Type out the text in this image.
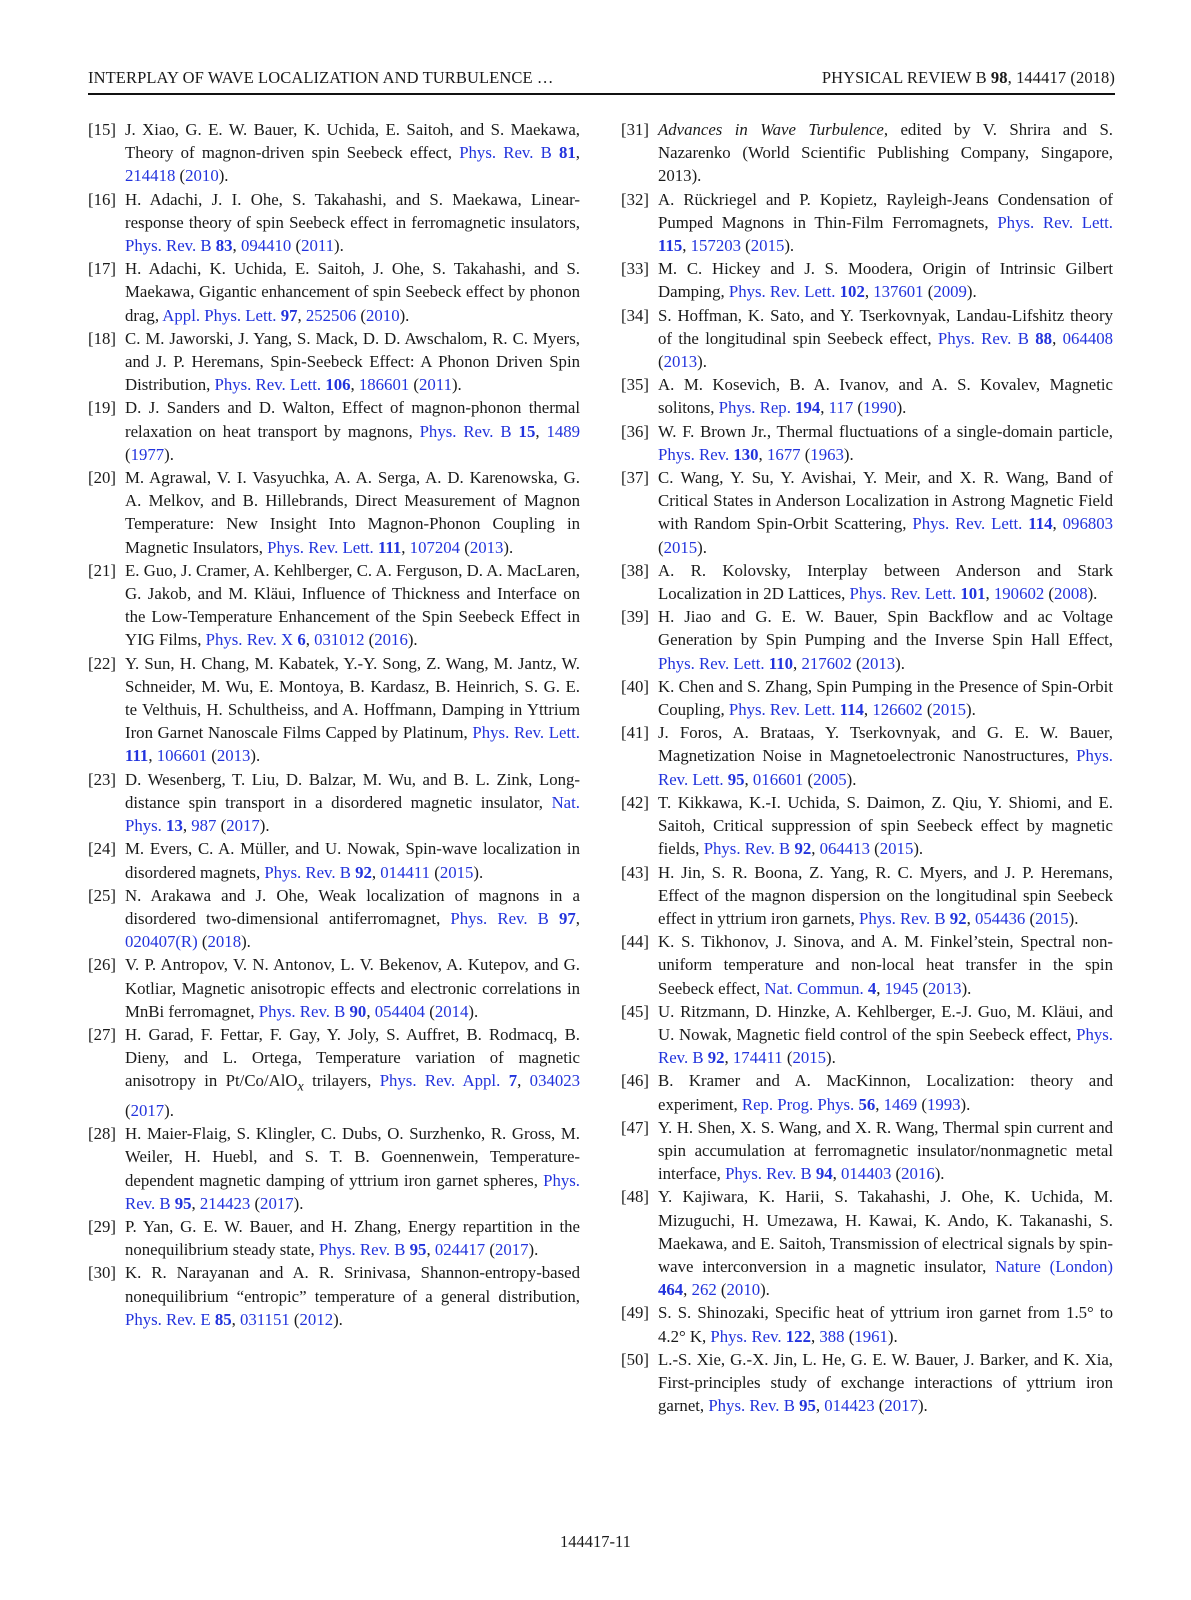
INTERPLAY OF WAVE LOCALIZATION AND TURBULENCE …	PHYSICAL REVIEW B 98, 144417 (2018)
[15] J. Xiao, G. E. W. Bauer, K. Uchida, E. Saitoh, and S. Maekawa, Theory of magnon-driven spin Seebeck effect, Phys. Rev. B 81, 214418 (2010).
[16] H. Adachi, J. I. Ohe, S. Takahashi, and S. Maekawa, Linear-response theory of spin Seebeck effect in ferromagnetic insulators, Phys. Rev. B 83, 094410 (2011).
[17] H. Adachi, K. Uchida, E. Saitoh, J. Ohe, S. Takahashi, and S. Maekawa, Gigantic enhancement of spin Seebeck effect by phonon drag, Appl. Phys. Lett. 97, 252506 (2010).
[18] C. M. Jaworski, J. Yang, S. Mack, D. D. Awschalom, R. C. Myers, and J. P. Heremans, Spin-Seebeck Effect: A Phonon Driven Spin Distribution, Phys. Rev. Lett. 106, 186601 (2011).
[19] D. J. Sanders and D. Walton, Effect of magnon-phonon thermal relaxation on heat transport by magnons, Phys. Rev. B 15, 1489 (1977).
[20] M. Agrawal, V. I. Vasyuchka, A. A. Serga, A. D. Karenowska, G. A. Melkov, and B. Hillebrands, Direct Measurement of Magnon Temperature: New Insight Into Magnon-Phonon Coupling in Magnetic Insulators, Phys. Rev. Lett. 111, 107204 (2013).
[21] E. Guo, J. Cramer, A. Kehlberger, C. A. Ferguson, D. A. MacLaren, G. Jakob, and M. Kläui, Influence of Thickness and Interface on the Low-Temperature Enhancement of the Spin Seebeck Effect in YIG Films, Phys. Rev. X 6, 031012 (2016).
[22] Y. Sun, H. Chang, M. Kabatek, Y.-Y. Song, Z. Wang, M. Jantz, W. Schneider, M. Wu, E. Montoya, B. Kardasz, B. Heinrich, S. G. E. te Velthuis, H. Schultheiss, and A. Hoffmann, Damping in Yttrium Iron Garnet Nanoscale Films Capped by Platinum, Phys. Rev. Lett. 111, 106601 (2013).
[23] D. Wesenberg, T. Liu, D. Balzar, M. Wu, and B. L. Zink, Long-distance spin transport in a disordered magnetic insulator, Nat. Phys. 13, 987 (2017).
[24] M. Evers, C. A. Müller, and U. Nowak, Spin-wave localization in disordered magnets, Phys. Rev. B 92, 014411 (2015).
[25] N. Arakawa and J. Ohe, Weak localization of magnons in a disordered two-dimensional antiferromagnet, Phys. Rev. B 97, 020407(R) (2018).
[26] V. P. Antropov, V. N. Antonov, L. V. Bekenov, A. Kutepov, and G. Kotliar, Magnetic anisotropic effects and electronic correlations in MnBi ferromagnet, Phys. Rev. B 90, 054404 (2014).
[27] H. Garad, F. Fettar, F. Gay, Y. Joly, S. Auffret, B. Rodmacq, B. Dieny, and L. Ortega, Temperature variation of magnetic anisotropy in Pt/Co/AlO$_x$ trilayers, Phys. Rev. Appl. 7, 034023 (2017).
[28] H. Maier-Flaig, S. Klingler, C. Dubs, O. Surzhenko, R. Gross, M. Weiler, H. Huebl, and S. T. B. Goennenwein, Temperature-dependent magnetic damping of yttrium iron garnet spheres, Phys. Rev. B 95, 214423 (2017).
[29] P. Yan, G. E. W. Bauer, and H. Zhang, Energy repartition in the nonequilibrium steady state, Phys. Rev. B 95, 024417 (2017).
[30] K. R. Narayanan and A. R. Srinivasa, Shannon-entropy-based nonequilibrium “entropic” temperature of a general distribution, Phys. Rev. E 85, 031151 (2012).
[31] Advances in Wave Turbulence, edited by V. Shrira and S. Nazarenko (World Scientific Publishing Company, Singapore, 2013).
[32] A. Rückriegel and P. Kopietz, Rayleigh-Jeans Condensation of Pumped Magnons in Thin-Film Ferromagnets, Phys. Rev. Lett. 115, 157203 (2015).
[33] M. C. Hickey and J. S. Moodera, Origin of Intrinsic Gilbert Damping, Phys. Rev. Lett. 102, 137601 (2009).
[34] S. Hoffman, K. Sato, and Y. Tserkovnyak, Landau-Lifshitz theory of the longitudinal spin Seebeck effect, Phys. Rev. B 88, 064408 (2013).
[35] A. M. Kosevich, B. A. Ivanov, and A. S. Kovalev, Magnetic solitons, Phys. Rep. 194, 117 (1990).
[36] W. F. Brown Jr., Thermal fluctuations of a single-domain particle, Phys. Rev. 130, 1677 (1963).
[37] C. Wang, Y. Su, Y. Avishai, Y. Meir, and X. R. Wang, Band of Critical States in Anderson Localization in Astrong Magnetic Field with Random Spin-Orbit Scattering, Phys. Rev. Lett. 114, 096803 (2015).
[38] A. R. Kolovsky, Interplay between Anderson and Stark Localization in 2D Lattices, Phys. Rev. Lett. 101, 190602 (2008).
[39] H. Jiao and G. E. W. Bauer, Spin Backflow and ac Voltage Generation by Spin Pumping and the Inverse Spin Hall Effect, Phys. Rev. Lett. 110, 217602 (2013).
[40] K. Chen and S. Zhang, Spin Pumping in the Presence of Spin-Orbit Coupling, Phys. Rev. Lett. 114, 126602 (2015).
[41] J. Foros, A. Brataas, Y. Tserkovnyak, and G. E. W. Bauer, Magnetization Noise in Magnetoelectronic Nanostructures, Phys. Rev. Lett. 95, 016601 (2005).
[42] T. Kikkawa, K.-I. Uchida, S. Daimon, Z. Qiu, Y. Shiomi, and E. Saitoh, Critical suppression of spin Seebeck effect by magnetic fields, Phys. Rev. B 92, 064413 (2015).
[43] H. Jin, S. R. Boona, Z. Yang, R. C. Myers, and J. P. Heremans, Effect of the magnon dispersion on the longitudinal spin Seebeck effect in yttrium iron garnets, Phys. Rev. B 92, 054436 (2015).
[44] K. S. Tikhonov, J. Sinova, and A. M. Finkel’stein, Spectral non-uniform temperature and non-local heat transfer in the spin Seebeck effect, Nat. Commun. 4, 1945 (2013).
[45] U. Ritzmann, D. Hinzke, A. Kehlberger, E.-J. Guo, M. Kläui, and U. Nowak, Magnetic field control of the spin Seebeck effect, Phys. Rev. B 92, 174411 (2015).
[46] B. Kramer and A. MacKinnon, Localization: theory and experiment, Rep. Prog. Phys. 56, 1469 (1993).
[47] Y. H. Shen, X. S. Wang, and X. R. Wang, Thermal spin current and spin accumulation at ferromagnetic insulator/nonmagnetic metal interface, Phys. Rev. B 94, 014403 (2016).
[48] Y. Kajiwara, K. Harii, S. Takahashi, J. Ohe, K. Uchida, M. Mizuguchi, H. Umezawa, H. Kawai, K. Ando, K. Takanashi, S. Maekawa, and E. Saitoh, Transmission of electrical signals by spin-wave interconversion in a magnetic insulator, Nature (London) 464, 262 (2010).
[49] S. S. Shinozaki, Specific heat of yttrium iron garnet from 1.5° to 4.2° K, Phys. Rev. 122, 388 (1961).
[50] L.-S. Xie, G.-X. Jin, L. He, G. E. W. Bauer, J. Barker, and K. Xia, First-principles study of exchange interactions of yttrium iron garnet, Phys. Rev. B 95, 014423 (2017).
144417-11
